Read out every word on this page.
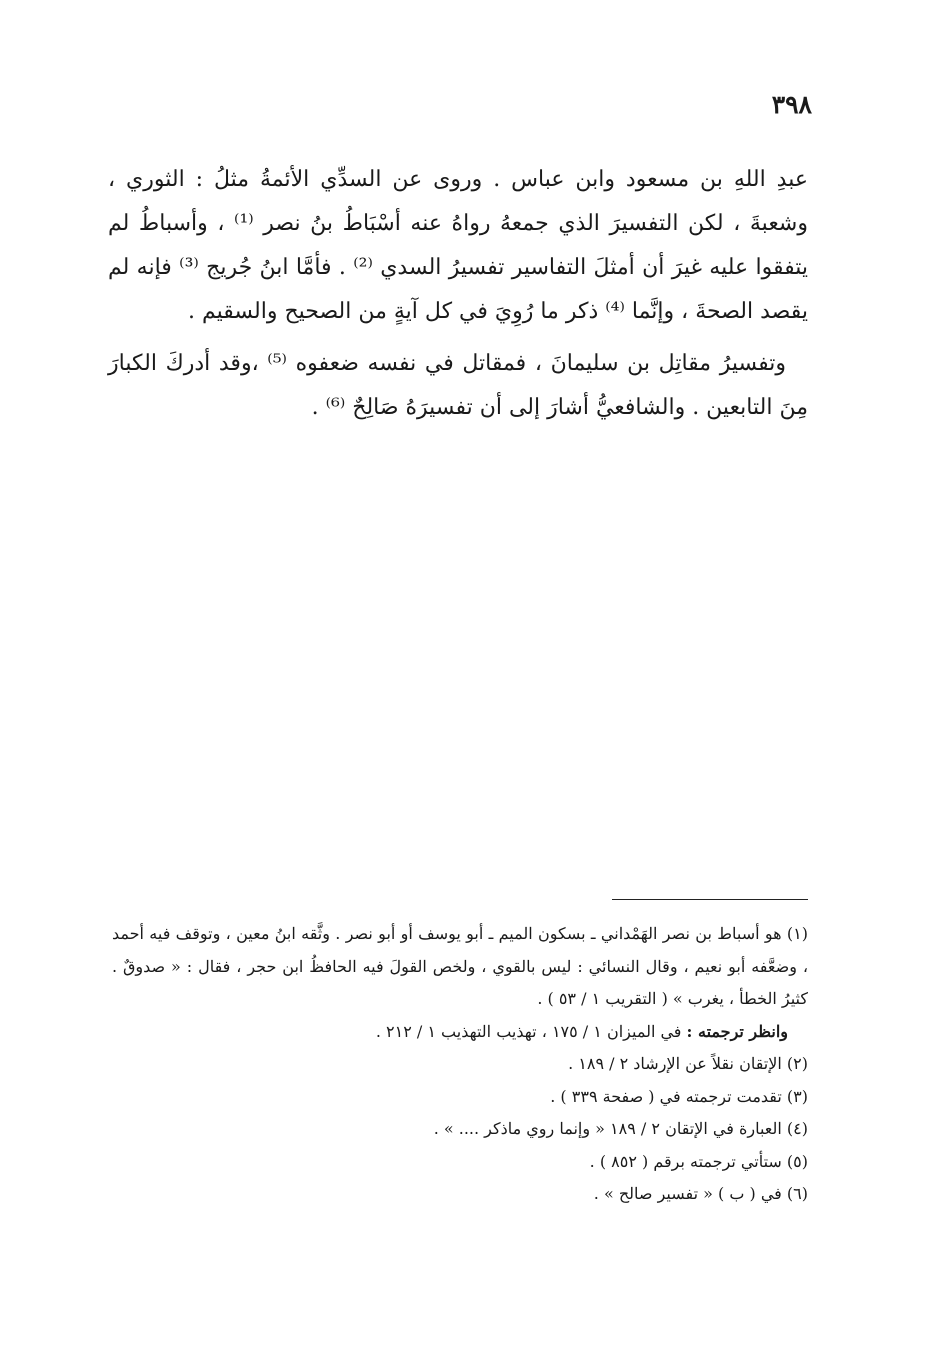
٣٩٨

عبدِ اللهِ بن مسعود وابن عباس . وروى عن السدِّي الأئمةُ مثلُ : الثوري ، وشعبةَ ، لكن التفسيرَ الذي جمعهُ رواهُ عنه أسْبَاطُ بنُ نصر ⁽¹⁾ ، وأسباطُ لم يتفقوا عليه غيرَ أن أمثلَ التفاسير تفسيرُ السدي ⁽²⁾ . فأمَّا ابنُ جُريج ⁽³⁾ فإنه لم يقصد الصحةَ ، وإنَّما ⁽⁴⁾ ذكر ما رُوِيَ في كل آيةٍ من الصحيح والسقيم .

وتفسيرُ مقاتِل بن سليمانَ ، فمقاتل في نفسه ضعفوه ⁽⁵⁾ ،وقد أدركَ الكبارَ مِنَ التابعين . والشافعيُّ أشارَ إلى أن تفسيرَهُ صَالِحٌ ⁽⁶⁾ .

(١) هو أسباط بن نصر الهَمْداني ـ بسكون الميم ـ أبو يوسف أو أبو نصر . وثَّقه ابنُ معين ، وتوقف فيه أحمد ، وضعَّفه أبو نعيم ، وقال النسائي : ليس بالقوي ، ولخص القولَ فيه الحافظُ ابن حجر ، فقال : « صدوقٌ . كثيرُ الخطأ ، يغرب » ( التقريب ١ / ٥٣ ) .

وانظر ترجمته : في الميزان ١ / ١٧٥ ، تهذيب التهذيب ١ / ٢١٢ .

(٢) الإتقان نقلاً عن الإرشاد ٢ / ١٨٩ .

(٣) تقدمت ترجمته في ( صفحة ٣٣٩ ) .

(٤) العبارة في الإتقان ٢ / ١٨٩ « وإنما روي ماذكر .... » .

(٥) ستأتي ترجمته برقم ( ٨٥٢ ) .

(٦) في ( ب ) « تفسير صالح » .
